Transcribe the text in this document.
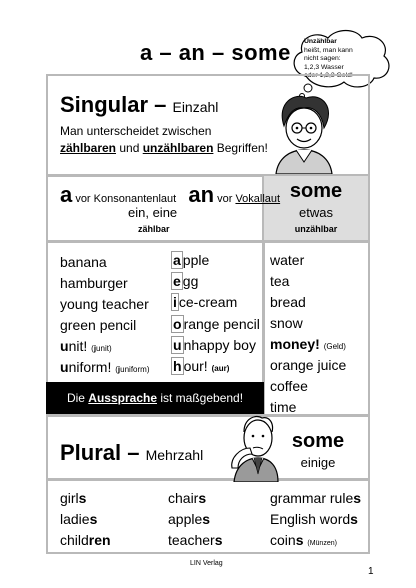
a – an – some Unzählbar
heißt, man kann
nicht sagen:
1,2,3 Wasser
oder 1,2,3 Geld!
Singular – Einzahl
Man unterscheidet zwischen
zählbaren und unzählbaren Begriffen!
a vor Konsonantenlaut an vor Vokallaut
ein, eine
zählbar
some
etwas
unzählbar
banana
hamburger
young teacher
green pencil
unit! (junit)
uniform! (juniform)
a pple
e gg
i ce-cream
o range pencil
u nhappy boy
h our! (aur)
water
tea
bread
snow
money! (Geld)
orange juice
coffee
time
Die Aussprache ist maßgebend!
Plural – Mehrzahl
some
einige
girls
ladies
children
chairs
apples
teachers
grammar rules
English words
coins (Münzen)
LIN Verlag
1
